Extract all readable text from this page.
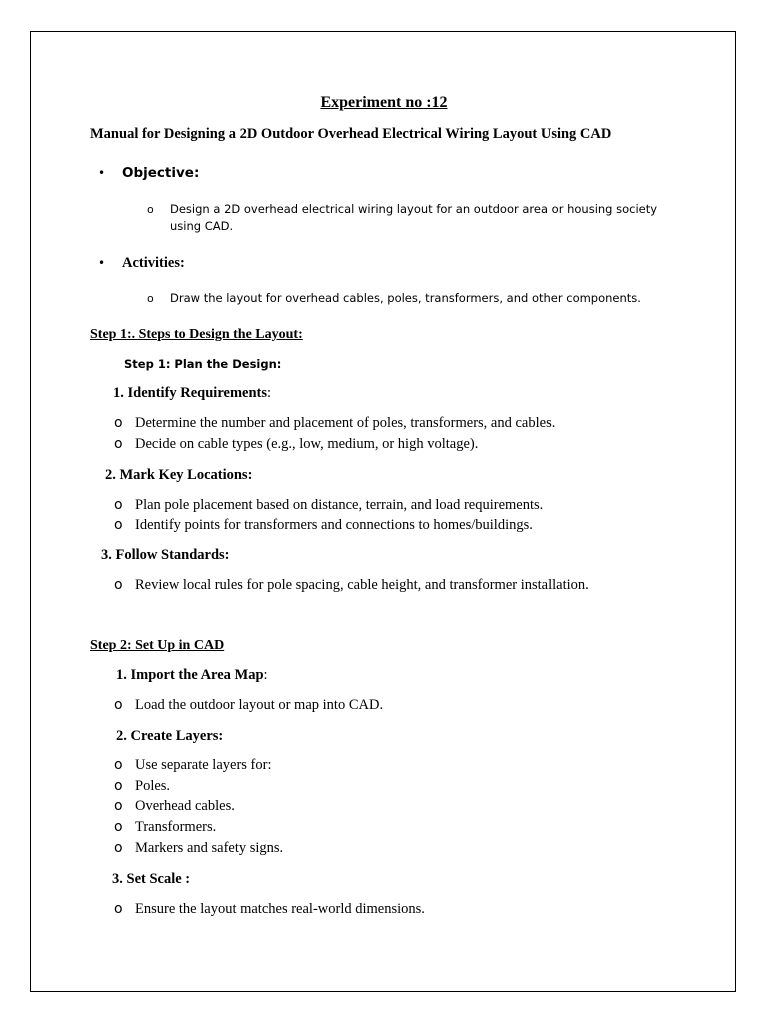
Experiment no :12
Manual for Designing a 2D Outdoor Overhead Electrical Wiring Layout Using CAD
• Objective:
o Design a 2D overhead electrical wiring layout for an outdoor area or housing society using CAD.
• Activities:
o Draw the layout for overhead cables, poles, transformers, and other components.
Step 1:. Steps to Design the Layout:
Step 1: Plan the Design:
1. Identify Requirements:
o Determine the number and placement of poles, transformers, and cables.
o Decide on cable types (e.g., low, medium, or high voltage).
2. Mark Key Locations:
o Plan pole placement based on distance, terrain, and load requirements.
o Identify points for transformers and connections to homes/buildings.
3. Follow Standards:
o Review local rules for pole spacing, cable height, and transformer installation.
Step 2: Set Up in CAD
1. Import the Area Map:
o Load the outdoor layout or map into CAD.
2. Create Layers:
o Use separate layers for:
o Poles.
o Overhead cables.
o Transformers.
o Markers and safety signs.
3. Set Scale :
o Ensure the layout matches real-world dimensions.
